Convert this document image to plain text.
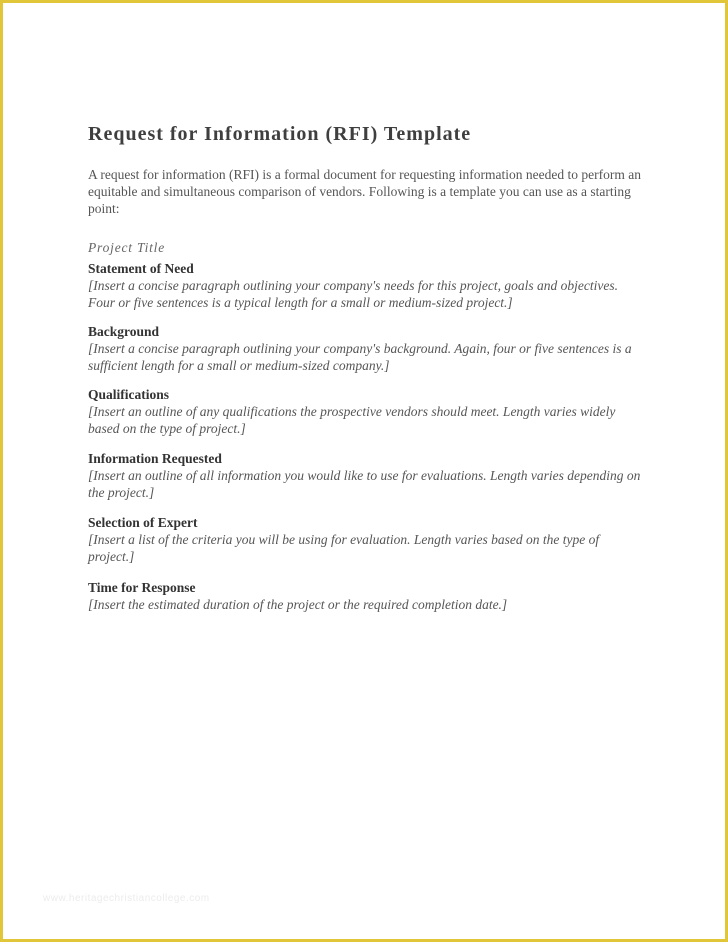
Request for Information (RFI) Template

A request for information (RFI) is a formal document for requesting information needed to perform an equitable and simultaneous comparison of vendors. Following is a template you can use as a starting point:

Project Title

Statement of Need

[Insert a concise paragraph outlining your company's needs for this project, goals and objectives. Four or five sentences is a typical length for a small or medium-sized project.]

Background

[Insert a concise paragraph outlining your company's background. Again, four or five sentences is a sufficient length for a small or medium-sized company.]

Qualifications

[Insert an outline of any qualifications the prospective vendors should meet. Length varies widely based on the type of project.]

Information Requested

[Insert an outline of all information you would like to use for evaluations. Length varies depending on the project.]

Selection of Expert

[Insert a list of the criteria you will be using for evaluation. Length varies based on the type of project.]

Time for Response

[Insert the estimated duration of the project or the required completion date.]

www.heritagechristiancollege.com
